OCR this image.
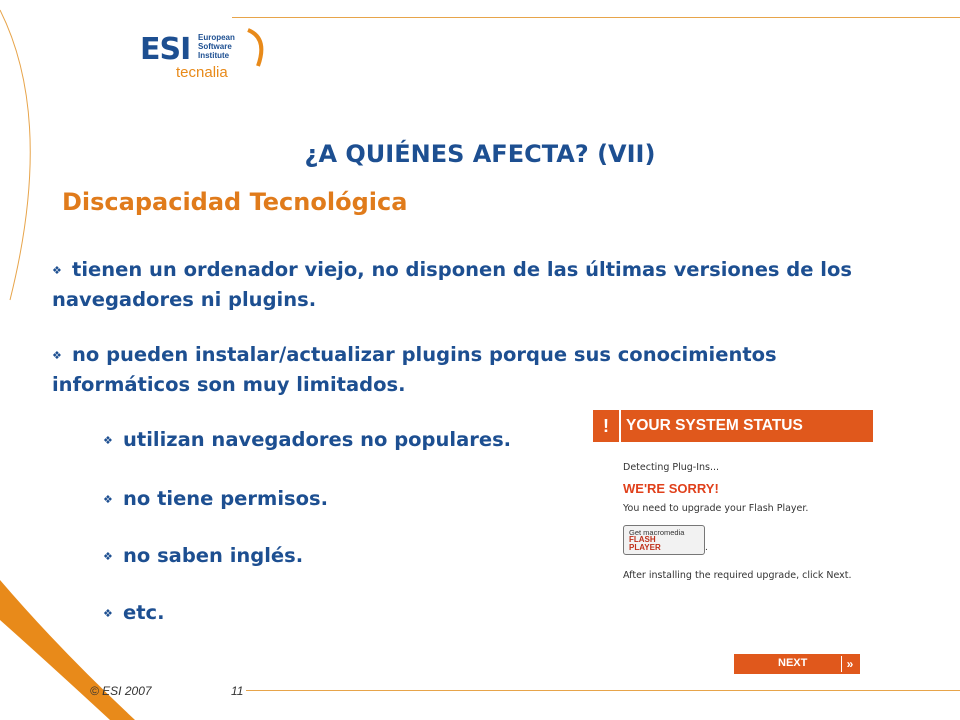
ESI European
Software
Institute
tecnalia
¿A QUIÉNES AFECTA? (VII)
Discapacidad Tecnológica
❖ tienen un ordenador viejo, no disponen de las últimas versiones de los navegadores ni plugins.
❖ no pueden instalar/actualizar plugins porque sus conocimientos informáticos son muy limitados.
❖ utilizan navegadores no populares.
❖ no tiene permisos.
❖ no saben inglés.
❖ etc.
!	YOUR SYSTEM STATUS
Detecting Plug-Ins...
WE'RE SORRY!
You need to upgrade your Flash Player.
Get macromedia
FLASH
PLAYER	.
After installing the required upgrade, click Next.
NEXT	»
© ESI 2007	11
